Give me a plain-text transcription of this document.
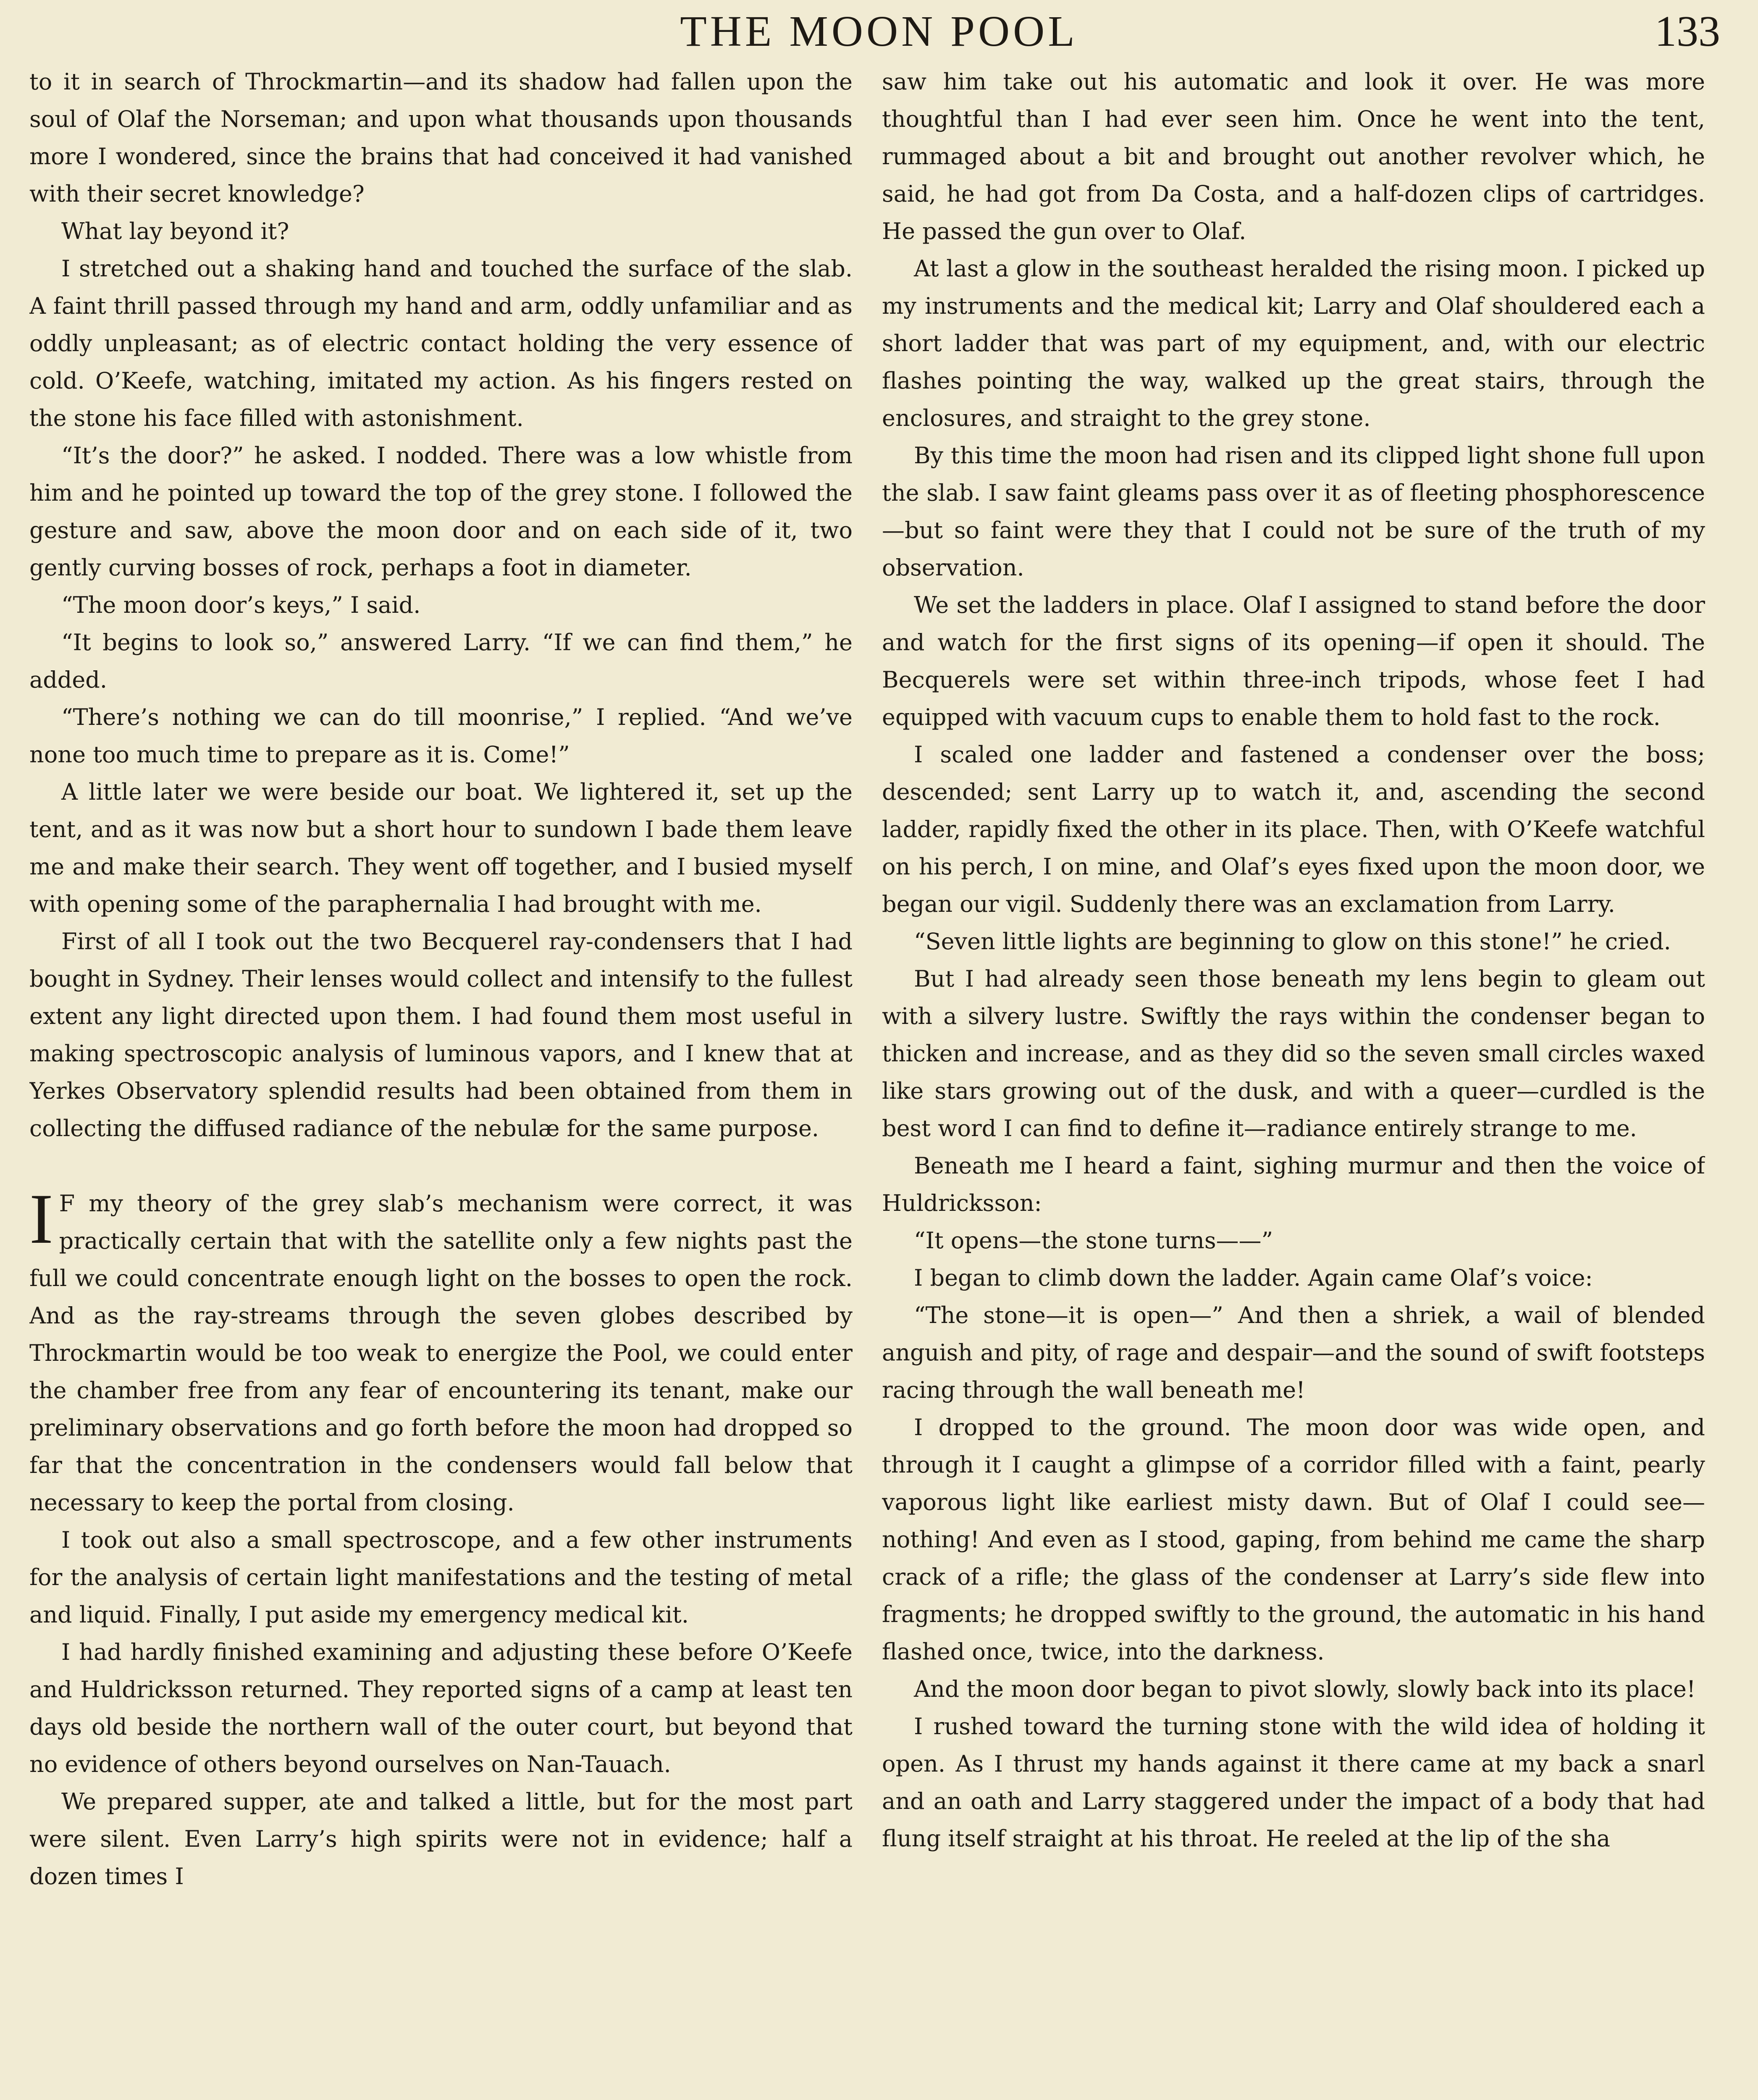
THE MOON POOL	133

to it in search of Throckmartin—and its shadow had fallen upon the soul of Olaf the Norseman; and upon what thousands upon thousands more I wondered, since the brains that had conceived it had vanished with their secret knowledge?

What lay beyond it?

I stretched out a shaking hand and touched the surface of the slab. A faint thrill passed through my hand and arm, oddly unfamiliar and as oddly unpleasant; as of electric contact holding the very essence of cold. O’Keefe, watching, imitated my action. As his fingers rested on the stone his face filled with astonishment.

“It’s the door?” he asked. I nodded. There was a low whistle from him and he pointed up toward the top of the grey stone. I followed the gesture and saw, above the moon door and on each side of it, two gently curving bosses of rock, perhaps a foot in diameter.

“The moon door’s keys,” I said.

“It begins to look so,” answered Larry. “If we can find them,” he added.

“There’s nothing we can do till moonrise,” I replied. “And we’ve none too much time to prepare as it is. Come!”

A little later we were beside our boat. We lightered it, set up the tent, and as it was now but a short hour to sundown I bade them leave me and make their search. They went off together, and I busied myself with opening some of the paraphernalia I had brought with me.

First of all I took out the two Becquerel ray-condensers that I had bought in Sydney. Their lenses would collect and intensify to the fullest extent any light directed upon them. I had found them most useful in making spectroscopic analysis of luminous vapors, and I knew that at Yerkes Observatory splendid results had been obtained from them in collecting the diffused radiance of the nebulæ for the same purpose.

I F my theory of the grey slab’s mechanism were correct, it was practically certain that with the satellite only a few nights past the full we could concentrate enough light on the bosses to open the rock. And as the ray-streams through the seven globes described by Throckmartin would be too weak to energize the Pool, we could enter the chamber free from any fear of encountering its tenant, make our preliminary observations and go forth before the moon had dropped so far that the concentration in the condensers would fall below that necessary to keep the portal from closing.

I took out also a small spectroscope, and a few other instruments for the analysis of certain light manifestations and the testing of metal and liquid. Finally, I put aside my emergency medical kit.

I had hardly finished examining and adjusting these before O’Keefe and Huldricksson returned. They reported signs of a camp at least ten days old beside the northern wall of the outer court, but beyond that no evidence of others beyond ourselves on Nan-Tauach.

We prepared supper, ate and talked a little, but for the most part were silent. Even Larry’s high spirits were not in evidence; half a dozen times I

saw him take out his automatic and look it over. He was more thoughtful than I had ever seen him. Once he went into the tent, rummaged about a bit and brought out another revolver which, he said, he had got from Da Costa, and a half-dozen clips of cartridges. He passed the gun over to Olaf.

At last a glow in the southeast heralded the rising moon. I picked up my instruments and the medical kit; Larry and Olaf shouldered each a short ladder that was part of my equipment, and, with our electric flashes pointing the way, walked up the great stairs, through the enclosures, and straight to the grey stone.

By this time the moon had risen and its clipped light shone full upon the slab. I saw faint gleams pass over it as of fleeting phosphorescence—but so faint were they that I could not be sure of the truth of my observation.

We set the ladders in place. Olaf I assigned to stand before the door and watch for the first signs of its opening—if open it should. The Becquerels were set within three-inch tripods, whose feet I had equipped with vacuum cups to enable them to hold fast to the rock.

I scaled one ladder and fastened a condenser over the boss; descended; sent Larry up to watch it, and, ascending the second ladder, rapidly fixed the other in its place. Then, with O’Keefe watchful on his perch, I on mine, and Olaf’s eyes fixed upon the moon door, we began our vigil. Suddenly there was an exclamation from Larry.

“Seven little lights are beginning to glow on this stone!” he cried.

But I had already seen those beneath my lens begin to gleam out with a silvery lustre. Swiftly the rays within the condenser began to thicken and increase, and as they did so the seven small circles waxed like stars growing out of the dusk, and with a queer—curdled is the best word I can find to define it—radiance entirely strange to me.

Beneath me I heard a faint, sighing murmur and then the voice of Huldricksson:

“It opens—the stone turns——”

I began to climb down the ladder. Again came Olaf’s voice:

“The stone—it is open—” And then a shriek, a wail of blended anguish and pity, of rage and despair—and the sound of swift footsteps racing through the wall beneath me!

I dropped to the ground. The moon door was wide open, and through it I caught a glimpse of a corridor filled with a faint, pearly vaporous light like earliest misty dawn. But of Olaf I could see—nothing! And even as I stood, gaping, from behind me came the sharp crack of a rifle; the glass of the condenser at Larry’s side flew into fragments; he dropped swiftly to the ground, the automatic in his hand flashed once, twice, into the darkness.

And the moon door began to pivot slowly, slowly back into its place!

I rushed toward the turning stone with the wild idea of holding it open. As I thrust my hands against it there came at my back a snarl and an oath and Larry staggered under the impact of a body that had flung itself straight at his throat. He reeled at the lip of the sha
